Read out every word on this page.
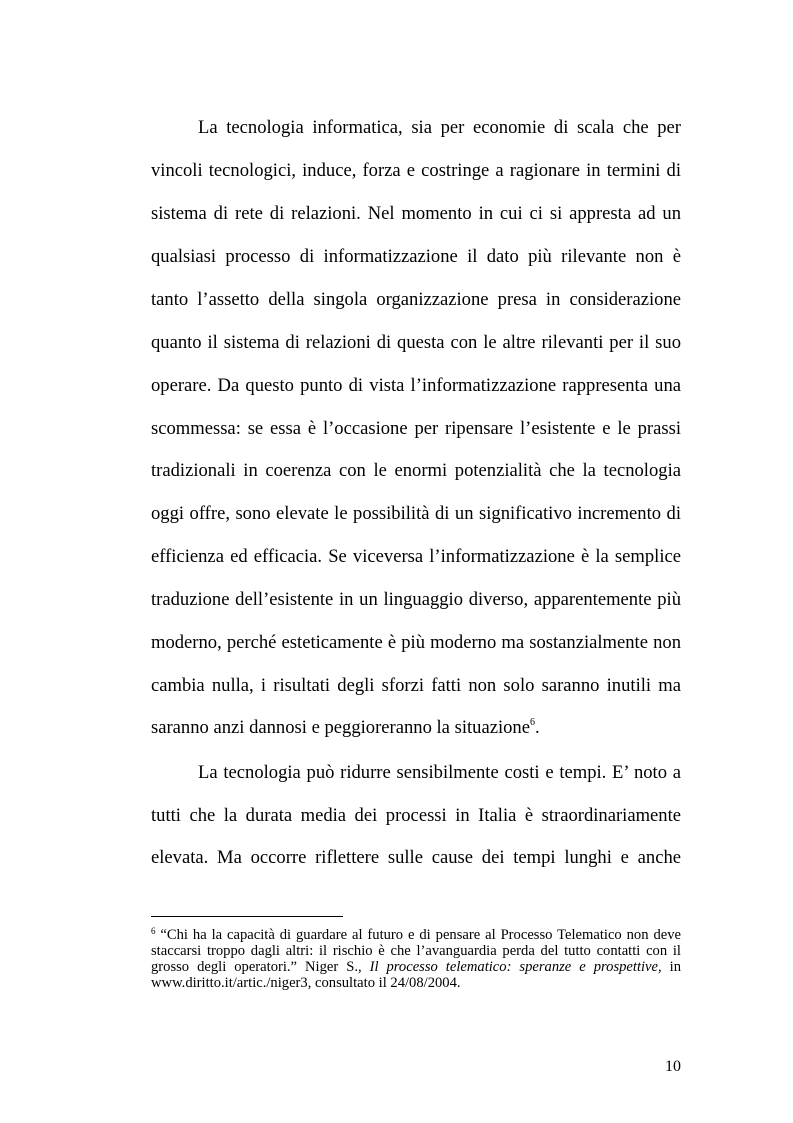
La tecnologia informatica, sia per economie di scala che per
vincoli tecnologici, induce, forza e costringe a ragionare in termini di
sistema di rete di relazioni. Nel momento in cui ci si appresta ad un
qualsiasi processo di informatizzazione il dato più rilevante non è
tanto l’assetto della singola organizzazione presa in considerazione
quanto il sistema di relazioni di questa con le altre rilevanti per il suo
operare. Da questo punto di vista l’informatizzazione rappresenta una
scommessa: se essa è l’occasione per ripensare l’esistente e le prassi
tradizionali in coerenza con le enormi potenzialità che la tecnologia
oggi offre, sono elevate le possibilità di un significativo incremento di
efficienza ed efficacia. Se viceversa l’informatizzazione è la semplice
traduzione dell’esistente in un linguaggio diverso, apparentemente più
moderno, perché esteticamente è più moderno ma sostanzialmente non
cambia nulla, i risultati degli sforzi fatti non solo saranno inutili ma
saranno anzi dannosi e peggioreranno la situazione$^6$.
La tecnologia può ridurre sensibilmente costi e tempi. E’ noto a
tutti che la durata media dei processi in Italia è straordinariamente
elevata. Ma occorre riflettere sulle cause dei tempi lunghi e anche
$^6$ “Chi ha la capacità di guardare al futuro e di pensare al Processo Telematico non deve
staccarsi troppo dagli altri: il rischio è che l’avanguardia perda del tutto contatti con il
grosso degli operatori.” Niger S., Il processo telematico: speranze e prospettive, in
www.diritto.it/artic./niger3, consultato il 24/08/2004.
10
